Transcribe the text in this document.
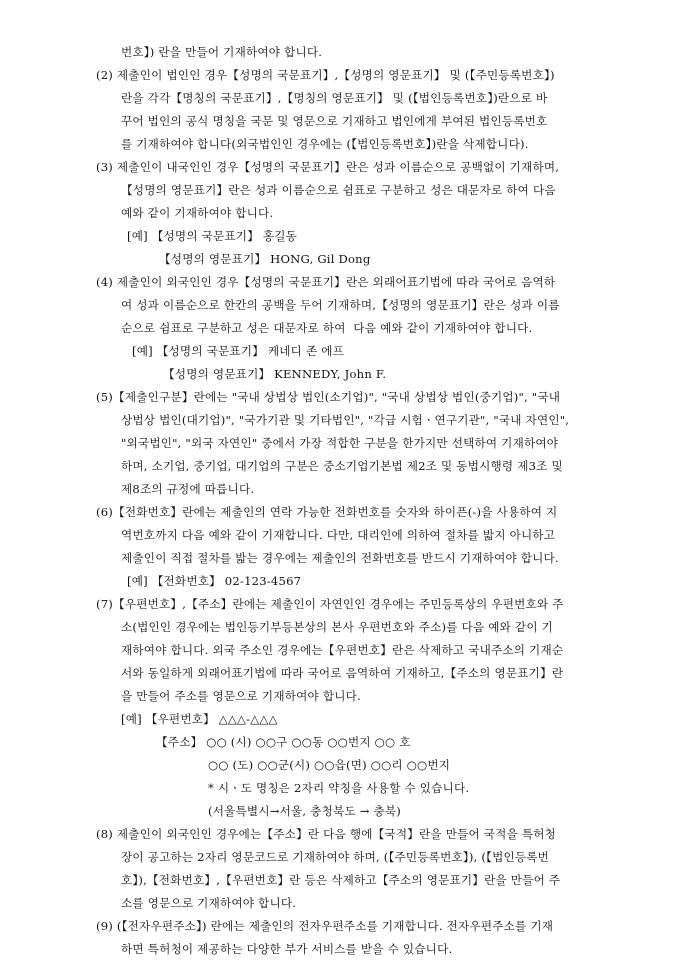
번호】) 란을 만들어 기재하여야 합니다.
(2) 제출인이 법인인 경우【성명의 국문표기】,【성명의 영문표기】 및 (【주민등록번호】)
란을 각각【명칭의 국문표기】,【명칭의 영문표기】 및 (【법인등록번호】)란으로 바
꾸어 법인의 공식 명칭을 국문 및 영문으로 기재하고 법인에게 부여된 법인등록번호
를 기재하여야 합니다(외국법인인 경우에는 (【법인등록번호】)란을 삭제합니다).
(3) 제출인이 내국인인 경우【성명의 국문표기】란은 성과 이름순으로 공백없이 기재하며,
【성명의 영문표기】란은 성과 이름순으로 쉼표로 구분하고 성은 대문자로 하여 다음
예와 같이 기재하여야 합니다.
[예] 【성명의 국문표기】 홍길동
【성명의 영문표기】 HONG, Gil Dong
(4) 제출인이 외국인인 경우【성명의 국문표기】란은 외래어표기법에 따라 국어로 음역하
여 성과 이름순으로 한칸의 공백을 두어 기재하며,【성명의 영문표기】란은 성과 이름
순으로 쉼표로 구분하고 성은 대문자로 하여  다음 예와 같이 기재하여야 합니다.
[예] 【성명의 국문표기】 케네디 존 에프
【성명의 영문표기】 KENNEDY, John F.
(5)【제출인구분】란에는 "국내 상법상 법인(소기업)", "국내 상법상 법인(중기업)", "국내
상법상 법인(대기업)", "국가기관 및 기타법인", "각급 시험ㆍ연구기관", "국내 자연인",
"외국법인", "외국 자연인" 중에서 가장 적합한 구분을 한가지만 선택하여 기재하여야
하며, 소기업, 중기업, 대기업의 구분은 중소기업기본법 제2조 및 동법시행령 제3조 및
제8조의 규정에 따릅니다.
(6)【전화번호】란에는 제출인의 연락 가능한 전화번호를 숫자와 하이픈(-)을 사용하여 지
역번호까지 다음 예와 같이 기재합니다. 다만, 대리인에 의하여 절차를 밟지 아니하고
제출인이 직접 절차를 밟는 경우에는 제출인의 전화번호를 반드시 기재하여야 합니다.
[예] 【전화번호】 02-123-4567
(7)【우편번호】,【주소】란에는 제출인이 자연인인 경우에는 주민등록상의 우편번호와 주
소(법인인 경우에는 법인등기부등본상의 본사 우편번호와 주소)를 다음 예와 같이 기
재하여야 합니다. 외국 주소인 경우에는【우편번호】란은 삭제하고 국내주소의 기재순
서와 동일하게 외래어표기법에 따라 국어로 음역하여 기재하고,【주소의 영문표기】란
을 만들어 주소를 영문으로 기재하여야 합니다.
[예] 【우편번호】 △△△-△△△
【주소】 ○○ (시) ○○구 ○○동 ○○번지 ○○ 호
○○ (도) ○○군(시) ○○읍(면) ○○리 ○○번지
* 시ㆍ도 명칭은 2자리 약칭을 사용할 수 있습니다.
(서울특별시→서울, 충청북도 → 충북)
(8) 제출인이 외국인인 경우에는【주소】란 다음 행에【국적】란을 만들어 국적을 특허청
장이 공고하는 2자리 영문코드로 기재하여야 하며, (【주민등록번호】), (【법인등록번
호】),【전화번호】,【우편번호】란 등은 삭제하고【주소의 영문표기】란을 만들어 주
소를 영문으로 기재하여야 합니다.
(9) (【전자우편주소】) 란에는 제출인의 전자우편주소를 기재합니다. 전자우편주소를 기재
하면 특허청이 제공하는 다양한 부가 서비스를 받을 수 있습니다.
